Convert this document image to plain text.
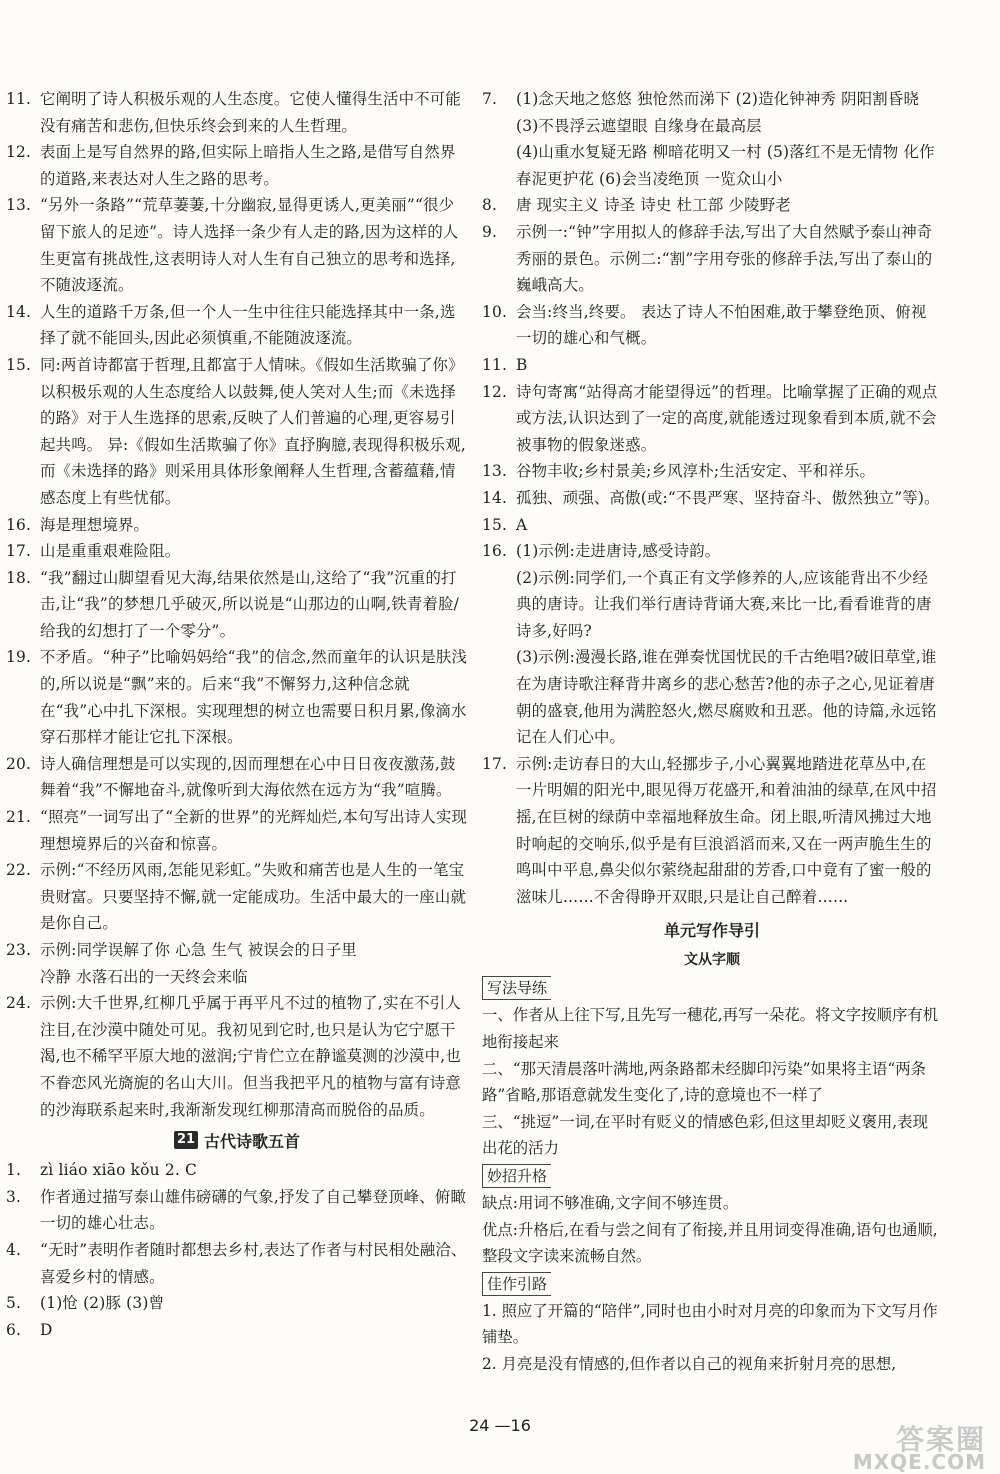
11. 它阐明了诗人积极乐观的人生态度。它使人懂得生活中不可能没有痛苦和悲伤,但快乐终会到来的人生哲理。
12. 表面上是写自然界的路,但实际上暗指人生之路,是借写自然界的道路,来表达对人生之路的思考。
13. “另外一条路”“荒草萋萋,十分幽寂,显得更诱人,更美丽”“很少留下旅人的足迹”。诗人选择一条少有人走的路,因为这样的人生更富有挑战性,这表明诗人对人生有自己独立的思考和选择,不随波逐流。
14. 人生的道路千万条,但一个人一生中往往只能选择其中一条,选择了就不能回头,因此必须慎重,不能随波逐流。
15. 同:两首诗都富于哲理,且都富于人情味。《假如生活欺骗了你》以积极乐观的人生态度给人以鼓舞,使人笑对人生;而《未选择的路》对于人生选择的思索,反映了人们普遍的心理,更容易引起共鸣。 异:《假如生活欺骗了你》直抒胸臆,表现得积极乐观,而《未选择的路》则采用具体形象阐释人生哲理,含蓄蕴藉,情感态度上有些忧郁。
16. 海是理想境界。
17. 山是重重艰难险阻。
18. “我”翻过山脚望看见大海,结果依然是山,这给了“我”沉重的打击,让“我”的梦想几乎破灭,所以说是“山那边的山啊,铁青着脸/给我的幻想打了一个零分”。
19. 不矛盾。“种子”比喻妈妈给“我”的信念,然而童年的认识是肤浅的,所以说是“飘”来的。后来“我”不懈努力,这种信念就在“我”心中扎下深根。实现理想的树立也需要日积月累,像滴水穿石那样才能让它扎下深根。
20. 诗人确信理想是可以实现的,因而理想在心中日日夜夜激荡,鼓舞着“我”不懈地奋斗,就像听到大海依然在远方为“我”喧腾。
21. “照亮”一词写出了“全新的世界”的光辉灿烂,本句写出诗人实现理想境界后的兴奋和惊喜。
22. 示例:“不经历风雨,怎能见彩虹。”失败和痛苦也是人生的一笔宝贵财富。只要坚持不懈,就一定能成功。生活中最大的一座山就是你自己。
23. 示例:同学误解了你 心急 生气 被误会的日子里
冷静 水落石出的一天终会来临
24. 示例:大千世界,红柳几乎属于再平凡不过的植物了,实在不引人注目,在沙漠中随处可见。我初见到它时,也只是认为它宁愿干渴,也不稀罕平原大地的滋润;宁肯伫立在静谧莫测的沙漠中,也不眷恋风光旖旎的名山大川。但当我把平凡的植物与富有诗意的沙海联系起来时,我渐渐发现红柳那清高而脱俗的品质。
21 古代诗歌五首
1.	zì liáo xiāo kǒu 2. C
3.	作者通过描写泰山雄伟磅礴的气象,抒发了自己攀登顶峰、俯瞰一切的雄心壮志。
4.	“无时”表明作者随时都想去乡村,表达了作者与村民相处融洽、喜爱乡村的情感。
5.	(1)怆 (2)豚 (3)曾
6.	D
7.	(1)念天地之悠悠 独怆然而涕下 (2)造化钟神秀 阴阳割昏晓 (3)不畏浮云遮望眼 自缘身在最高层
(4)山重水复疑无路 柳暗花明又一村 (5)落红不是无情物 化作春泥更护花 (6)会当凌绝顶 一览众山小
8.	唐 现实主义 诗圣 诗史 杜工部 少陵野老
9.	示例一:“钟”字用拟人的修辞手法,写出了大自然赋予泰山神奇秀丽的景色。示例二:“割”字用夸张的修辞手法,写出了泰山的巍峨高大。
10. 会当:终当,终要。 表达了诗人不怕困难,敢于攀登绝顶、俯视一切的雄心和气概。
11. B
12. 诗句寄寓“站得高才能望得远”的哲理。比喻掌握了正确的观点或方法,认识达到了一定的高度,就能透过现象看到本质,就不会被事物的假象迷惑。
13. 谷物丰收;乡村景美;乡风淳朴;生活安定、平和祥乐。
14. 孤独、顽强、高傲(或:“不畏严寒、坚持奋斗、傲然独立”等)。
15. A
16. (1)示例:走进唐诗,感受诗韵。
(2)示例:同学们,一个真正有文学修养的人,应该能背出不少经典的唐诗。让我们举行唐诗背诵大赛,来比一比,看看谁背的唐诗多,好吗?
(3)示例:漫漫长路,谁在弹奏忧国忧民的千古绝唱?破旧草堂,谁在为唐诗歌注释背井离乡的悲心愁苦?他的赤子之心,见证着唐朝的盛衰,他用为满腔怒火,燃尽腐败和丑恶。他的诗篇,永远铭记在人们心中。
17. 示例:走访春日的大山,轻挪步子,小心翼翼地踏进花草丛中,在一片明媚的阳光中,眼见得万花盛开,和着油油的绿草,在风中招摇,在巨树的绿荫中幸福地释放生命。闭上眼,听清风拂过大地时响起的交响乐,似乎是有巨浪滔滔而来,又在一两声脆生生的鸣叫中平息,鼻尖似尔萦绕起甜甜的芳香,口中竟有了蜜一般的滋味儿……不舍得睁开双眼,只是让自己醉着……
单元写作导引
文从字顺
写法导练
一、作者从上往下写,且先写一穗花,再写一朵花。将文字按顺序有机地衔接起来
二、“那天清晨落叶满地,两条路都未经脚印污染”如果将主语“两条路”省略,那语意就发生变化了,诗的意境也不一样了
三、“挑逗”一词,在平时有贬义的情感色彩,但这里却贬义褒用,表现出花的活力
妙招升格
缺点:用词不够准确,文字间不够连贯。
优点:升格后,在看与尝之间有了衔接,并且用词变得准确,语句也通顺,整段文字读来流畅自然。
佳作引路
1. 照应了开篇的“陪伴”,同时也由小时对月亮的印象而为下文写月作铺垫。
2. 月亮是没有情感的,但作者以自己的视角来折射月亮的思想,
24 —16	答案圈
MXQE.COM
